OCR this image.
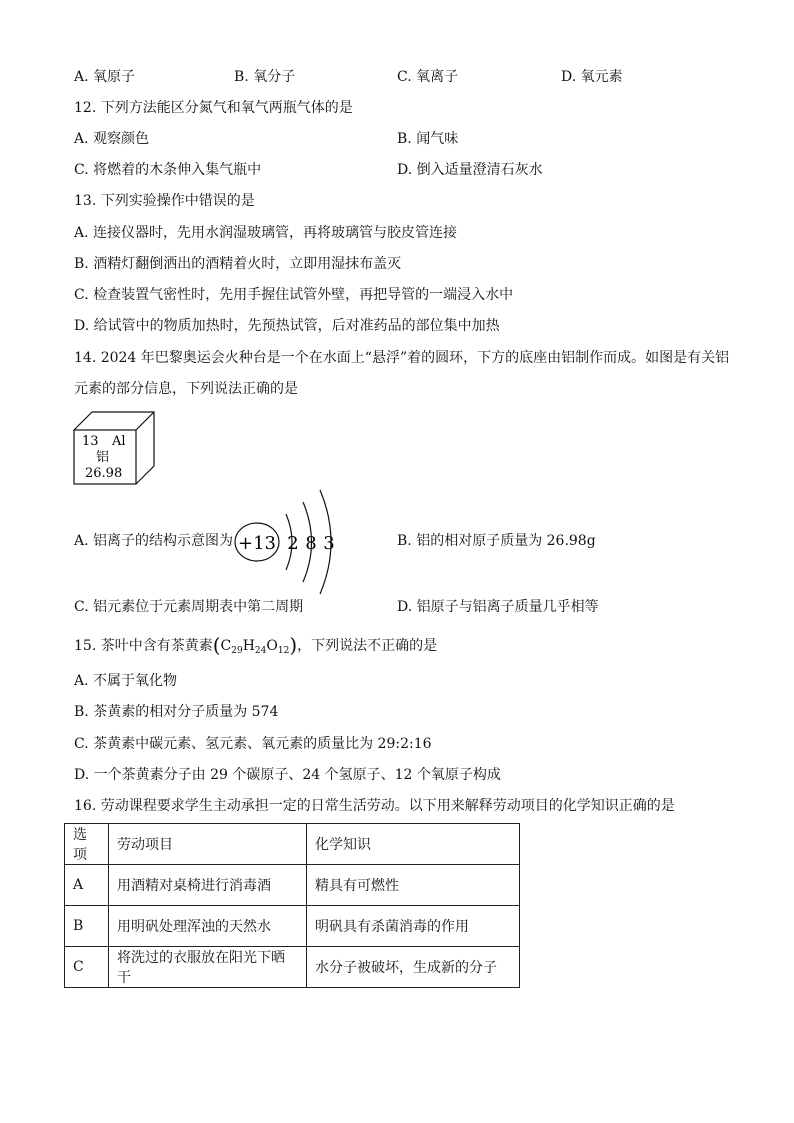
A. 氧原子	B. 氧分子	C. 氧离子	D. 氧元素
12. 下列方法能区分氮气和氧气两瓶气体的是
A. 观察颜色	B. 闻气味
C. 将燃着的木条伸入集气瓶中	D. 倒入适量澄清石灰水
13. 下列实验操作中错误的是
A. 连接仪器时，先用水润湿玻璃管，再将玻璃管与胶皮管连接
B. 酒精灯翻倒洒出的酒精着火时，立即用湿抹布盖灭
C. 检查装置气密性时，先用手握住试管外壁，再把导管的一端浸入水中
D. 给试管中的物质加热时，先预热试管，后对准药品的部位集中加热
14. 2024 年巴黎奥运会火种台是一个在水面上“悬浮”着的圆环，下方的底座由铝制作而成。如图是有关铝
元素的部分信息，下列说法正确的是
13 Al
铝
26.98
A. 铝离子的结构示意图为 +13 2 8 3	B. 铝的相对原子质量为 26.98g
C. 铝元素位于元素周期表中第二周期	D. 铝原子与铝离子质量几乎相等
15. 茶叶中含有茶黄素$(C_{29}H_{24}O_{12})$，下列说法不正确的是
A. 不属于氧化物
B. 茶黄素的相对分子质量为 574
C. 茶黄素中碳元素、氢元素、氧元素的质量比为 29:2:16
D. 一个茶黄素分子由 29 个碳原子、24 个氢原子、12 个氧原子构成
16. 劳动课程要求学生主动承担一定的日常生活劳动。以下用来解释劳动项目的化学知识正确的是
选项	劳动项目	化学知识
A	用酒精对桌椅进行消毒酒	精具有可燃性
B	用明矾处理浑浊的天然水	明矾具有杀菌消毒的作用
C	将洗过的衣服放在阳光下晒干	水分子被破坏，生成新的分子
